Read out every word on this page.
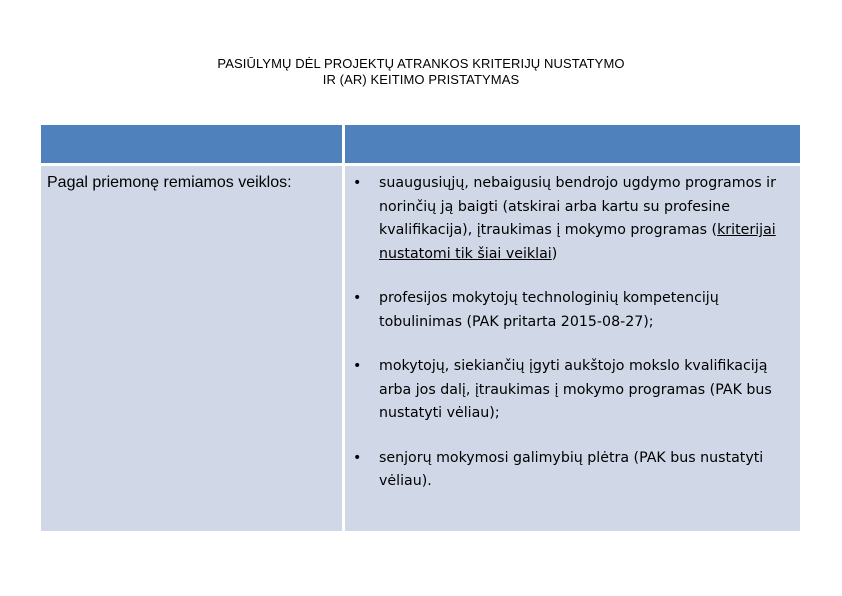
PASIŪLYMŲ DĖL PROJEKTŲ ATRANKOS KRITERIJŲ NUSTATYMO
IR (AR) KEITIMO PRISTATYMAS
Pagal priemonę remiamos veiklos:	• suaugusiųjų, nebaigusių bendrojo ugdymo programos ir norinčių ją baigti (atskirai arba kartu su profesine kvalifikacija), įtraukimas į mokymo programas (kriterijai nustatomi tik šiai veiklai)
• profesijos mokytojų technologinių kompetencijų tobulinimas (PAK pritarta 2015-08-27);
• mokytojų, siekiančių įgyti aukštojo mokslo kvalifikaciją arba jos dalį, įtraukimas į mokymo programas (PAK bus nustatyti vėliau);
• senjorų mokymosi galimybių plėtra (PAK bus nustatyti vėliau).
